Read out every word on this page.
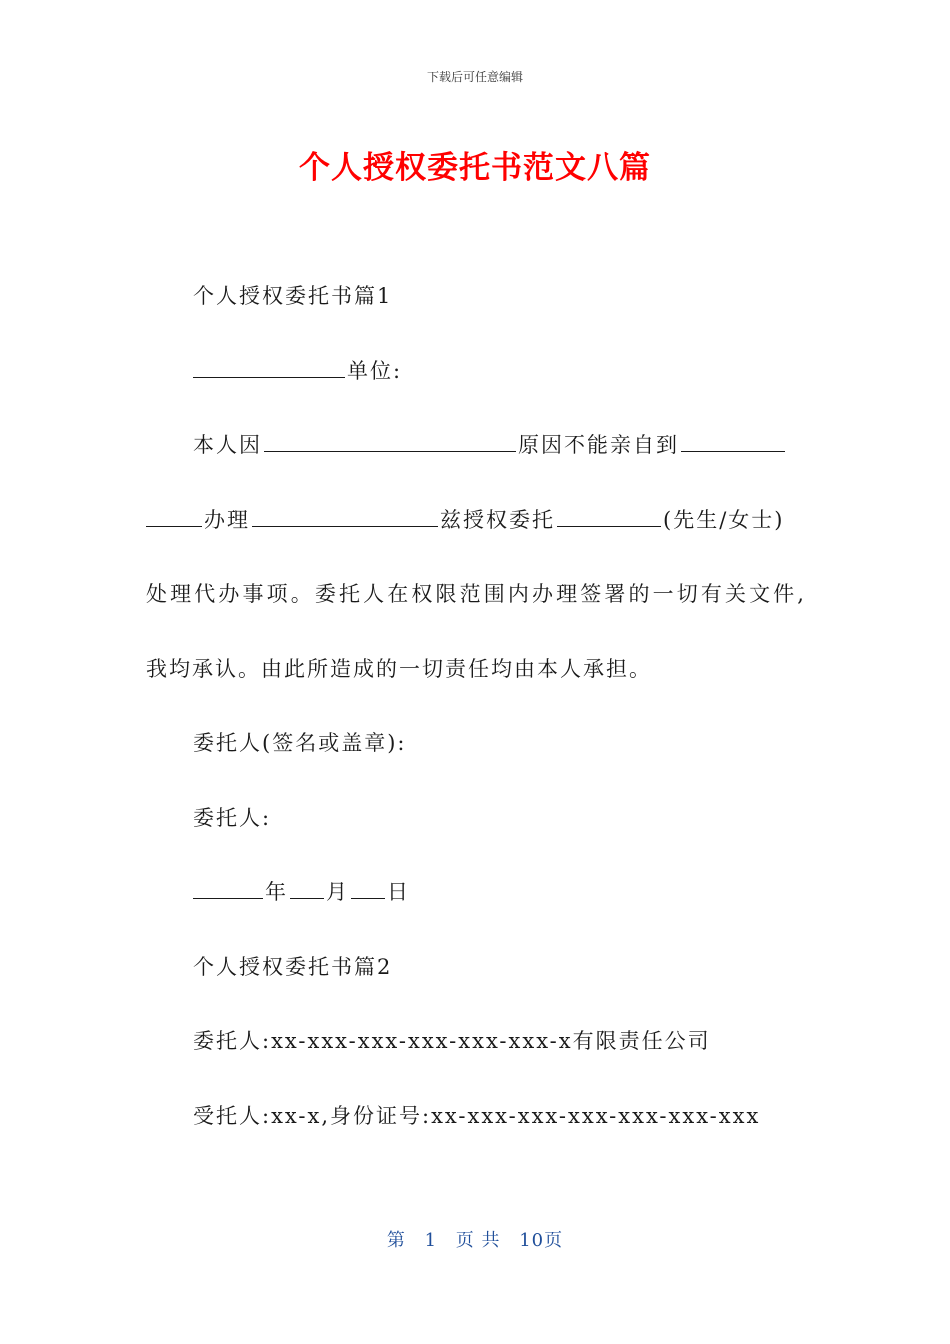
下载后可任意编辑
个人授权委托书范文八篇
个人授权委托书篇1
单位:
本人因	原因不能亲自到
办理	兹授权委托	(先生/女士)
处理代办事项。委托人在权限范围内办理签署的一切有关文件,
我均承认。由此所造成的一切责任均由本人承担。
委托人(签名或盖章):
委托人:
年 月 日
个人授权委托书篇2
委托人:xx-xxx-xxx-xxx-xxx-xxx-x有限责任公司
受托人:xx-x,身份证号:xx-xxx-xxx-xxx-xxx-xxx-xxx
第 1 页 共 10页
